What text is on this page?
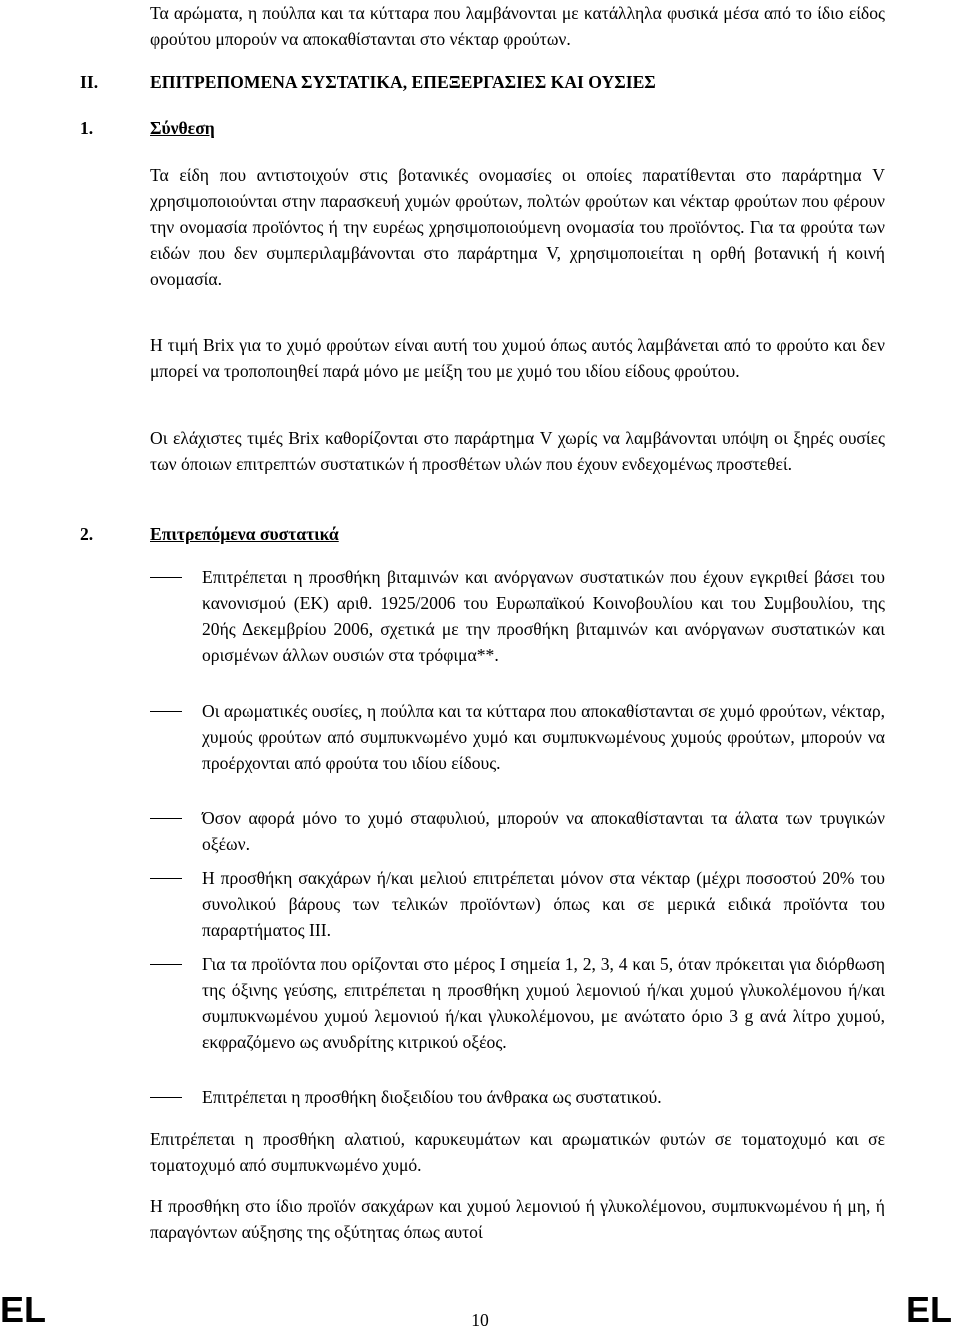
Τα αρώματα, η πούλπα και τα κύτταρα που λαμβάνονται με κατάλληλα φυσικά μέσα από το ίδιο είδος φρούτου μπορούν να αποκαθίστανται στο νέκταρ φρούτων.
II.	ΕΠΙΤΡΕΠΟΜΕΝΑ ΣΥΣΤΑΤΙΚΑ, ΕΠΕΞΕΡΓΑΣΙΕΣ ΚΑΙ ΟΥΣΙΕΣ
1.	Σύνθεση
Τα είδη που αντιστοιχούν στις βοτανικές ονομασίες οι οποίες παρατίθενται στο παράρτημα V χρησιμοποιούνται στην παρασκευή χυμών φρούτων, πολτών φρούτων και νέκταρ φρούτων που φέρουν την ονομασία προϊόντος ή την ευρέως χρησιμοποιούμενη ονομασία του προϊόντος. Για τα φρούτα των ειδών που δεν συμπεριλαμβάνονται στο παράρτημα V, χρησιμοποιείται η ορθή βοτανική ή κοινή ονομασία.
Η τιμή Brix για το χυμό φρούτων είναι αυτή του χυμού όπως αυτός λαμβάνεται από το φρούτο και δεν μπορεί να τροποποιηθεί παρά μόνο με μείξη του με χυμό του ιδίου είδους φρούτου.
Οι ελάχιστες τιμές Brix καθορίζονται στο παράρτημα V χωρίς να λαμβάνονται υπόψη οι ξηρές ουσίες των όποιων επιτρεπτών συστατικών ή προσθέτων υλών που έχουν ενδεχομένως προστεθεί.
2.	Επιτρεπόμενα συστατικά
Επιτρέπεται η προσθήκη βιταμινών και ανόργανων συστατικών που έχουν εγκριθεί βάσει του κανονισμού (ΕΚ) αριθ. 1925/2006 του Ευρωπαϊκού Κοινοβουλίου και του Συμβουλίου, της 20ής Δεκεμβρίου 2006, σχετικά με την προσθήκη βιταμινών και ανόργανων συστατικών και ορισμένων άλλων ουσιών στα τρόφιμα**.
Οι αρωματικές ουσίες, η πούλπα και τα κύτταρα που αποκαθίστανται σε χυμό φρούτων, νέκταρ, χυμούς φρούτων από συμπυκνωμένο χυμό και συμπυκνωμένους χυμούς φρούτων, μπορούν να προέρχονται από φρούτα του ιδίου είδους.
Όσον αφορά μόνο το χυμό σταφυλιού, μπορούν να αποκαθίστανται τα άλατα των τρυγικών οξέων.
Η προσθήκη σακχάρων ή/και μελιού επιτρέπεται μόνον στα νέκταρ (μέχρι ποσοστού 20% του συνολικού βάρους των τελικών προϊόντων) όπως και σε μερικά ειδικά προϊόντα του παραρτήματος III.
Για τα προϊόντα που ορίζονται στο μέρος I σημεία 1, 2, 3, 4 και 5, όταν πρόκειται για διόρθωση της όξινης γεύσης, επιτρέπεται η προσθήκη χυμού λεμονιού ή/και χυμού γλυκολέμονου ή/και συμπυκνωμένου χυμού λεμονιού ή/και γλυκολέμονου, με ανώτατο όριο 3 g ανά λίτρο χυμού, εκφραζόμενο ως ανυδρίτης κιτρικού οξέος.
Επιτρέπεται η προσθήκη διοξειδίου του άνθρακα ως συστατικού.
Επιτρέπεται η προσθήκη αλατιού, καρυκευμάτων και αρωματικών φυτών σε τοματοχυμό και σε τοματοχυμό από συμπυκνωμένο χυμό.
Η προσθήκη στο ίδιο προϊόν σακχάρων και χυμού λεμονιού ή γλυκολέμονου, συμπυκνωμένου ή μη, ή παραγόντων αύξησης της οξύτητας όπως αυτοί
EL	10	EL
